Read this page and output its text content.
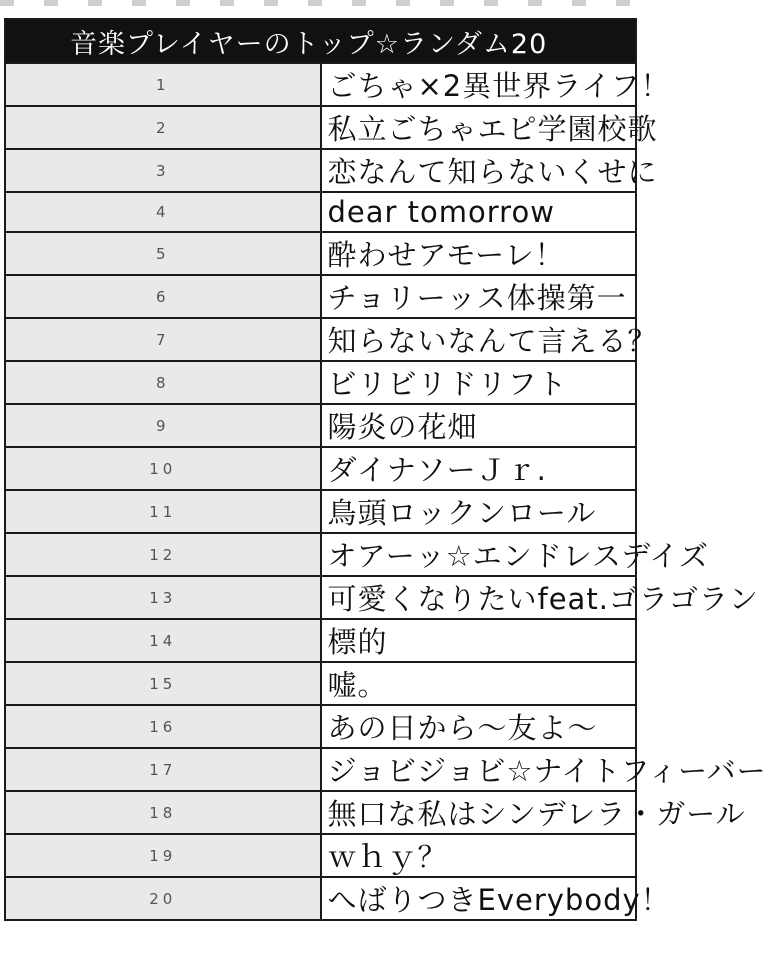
音楽プレイヤーのトップ☆ランダム20	
1	ごちゃ×2異世界ライフ！
2	私立ごちゃエピ学園校歌
3	恋なんて知らないくせに
4	dear tomorrow
5	酔わせアモーレ！
6	チョリーッス体操第一
7	知らないなんて言える？
8	ビリビリドリフト
9	陽炎の花畑
10	ダイナソーＪｒ.
11	鳥頭ロックンロール
12	オアーッ☆エンドレスデイズ
13	可愛くなりたいfeat.ゴラゴラン
14	標的
15	嘘。
16	あの日から〜友よ〜
17	ジョビジョビ☆ナイトフィーバー
18	無口な私はシンデレラ・ガール
19	ｗｈｙ？
20	へばりつきEverybody！
